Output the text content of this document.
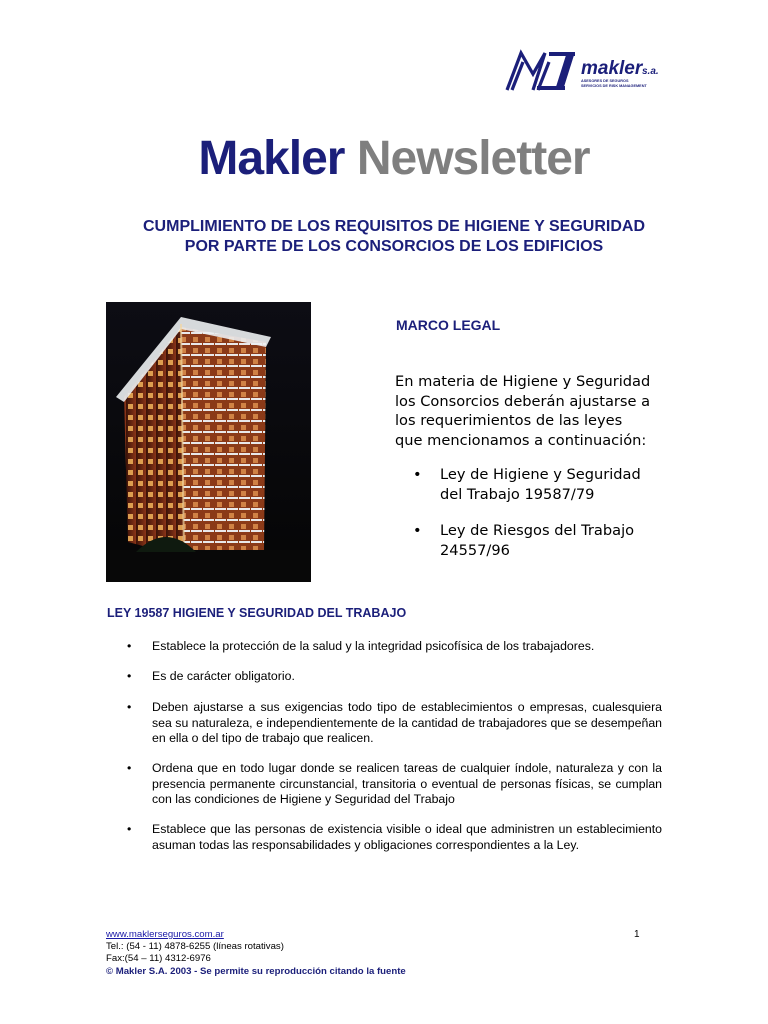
makler s.a.
ASESORES DE SEGUROS
SERVICIOS DE RISK MANAGEMENT
Makler Newsletter
CUMPLIMIENTO DE LOS REQUISITOS DE HIGIENE Y SEGURIDAD
POR PARTE DE LOS CONSORCIOS DE LOS EDIFICIOS
MARCO LEGAL
En materia de Higiene y Seguridad
los Consorcios deberán ajustarse a
los requerimientos de las leyes
que mencionamos a continuación:
• Ley de Higiene y Seguridad
del Trabajo 19587/79
• Ley de Riesgos del Trabajo
24557/96
LEY 19587 HIGIENE Y SEGURIDAD DEL TRABAJO
• Establece la protección de la salud y la integridad psicofísica de los trabajadores.
• Es de carácter obligatorio.
• Deben ajustarse a sus exigencias todo tipo de establecimientos o empresas, cualesquiera sea su naturaleza, e independientemente de la cantidad de trabajadores que se desempeñan en ella o del tipo de trabajo que realicen.
• Ordena que en todo lugar donde se realicen tareas de cualquier índole, naturaleza y con la presencia permanente circunstancial, transitoria o eventual de personas físicas, se cumplan con las condiciones de Higiene y Seguridad del Trabajo
• Establece que las personas de existencia visible o ideal que administren un establecimiento asuman todas las responsabilidades y obligaciones correspondientes a la Ley.
www.maklerseguros.com.ar
Tel.: (54 - 11) 4878-6255 (líneas rotativas)
Fax:(54 – 11) 4312-6976
© Makler S.A. 2003 - Se permite su reproducción citando la fuente
1
